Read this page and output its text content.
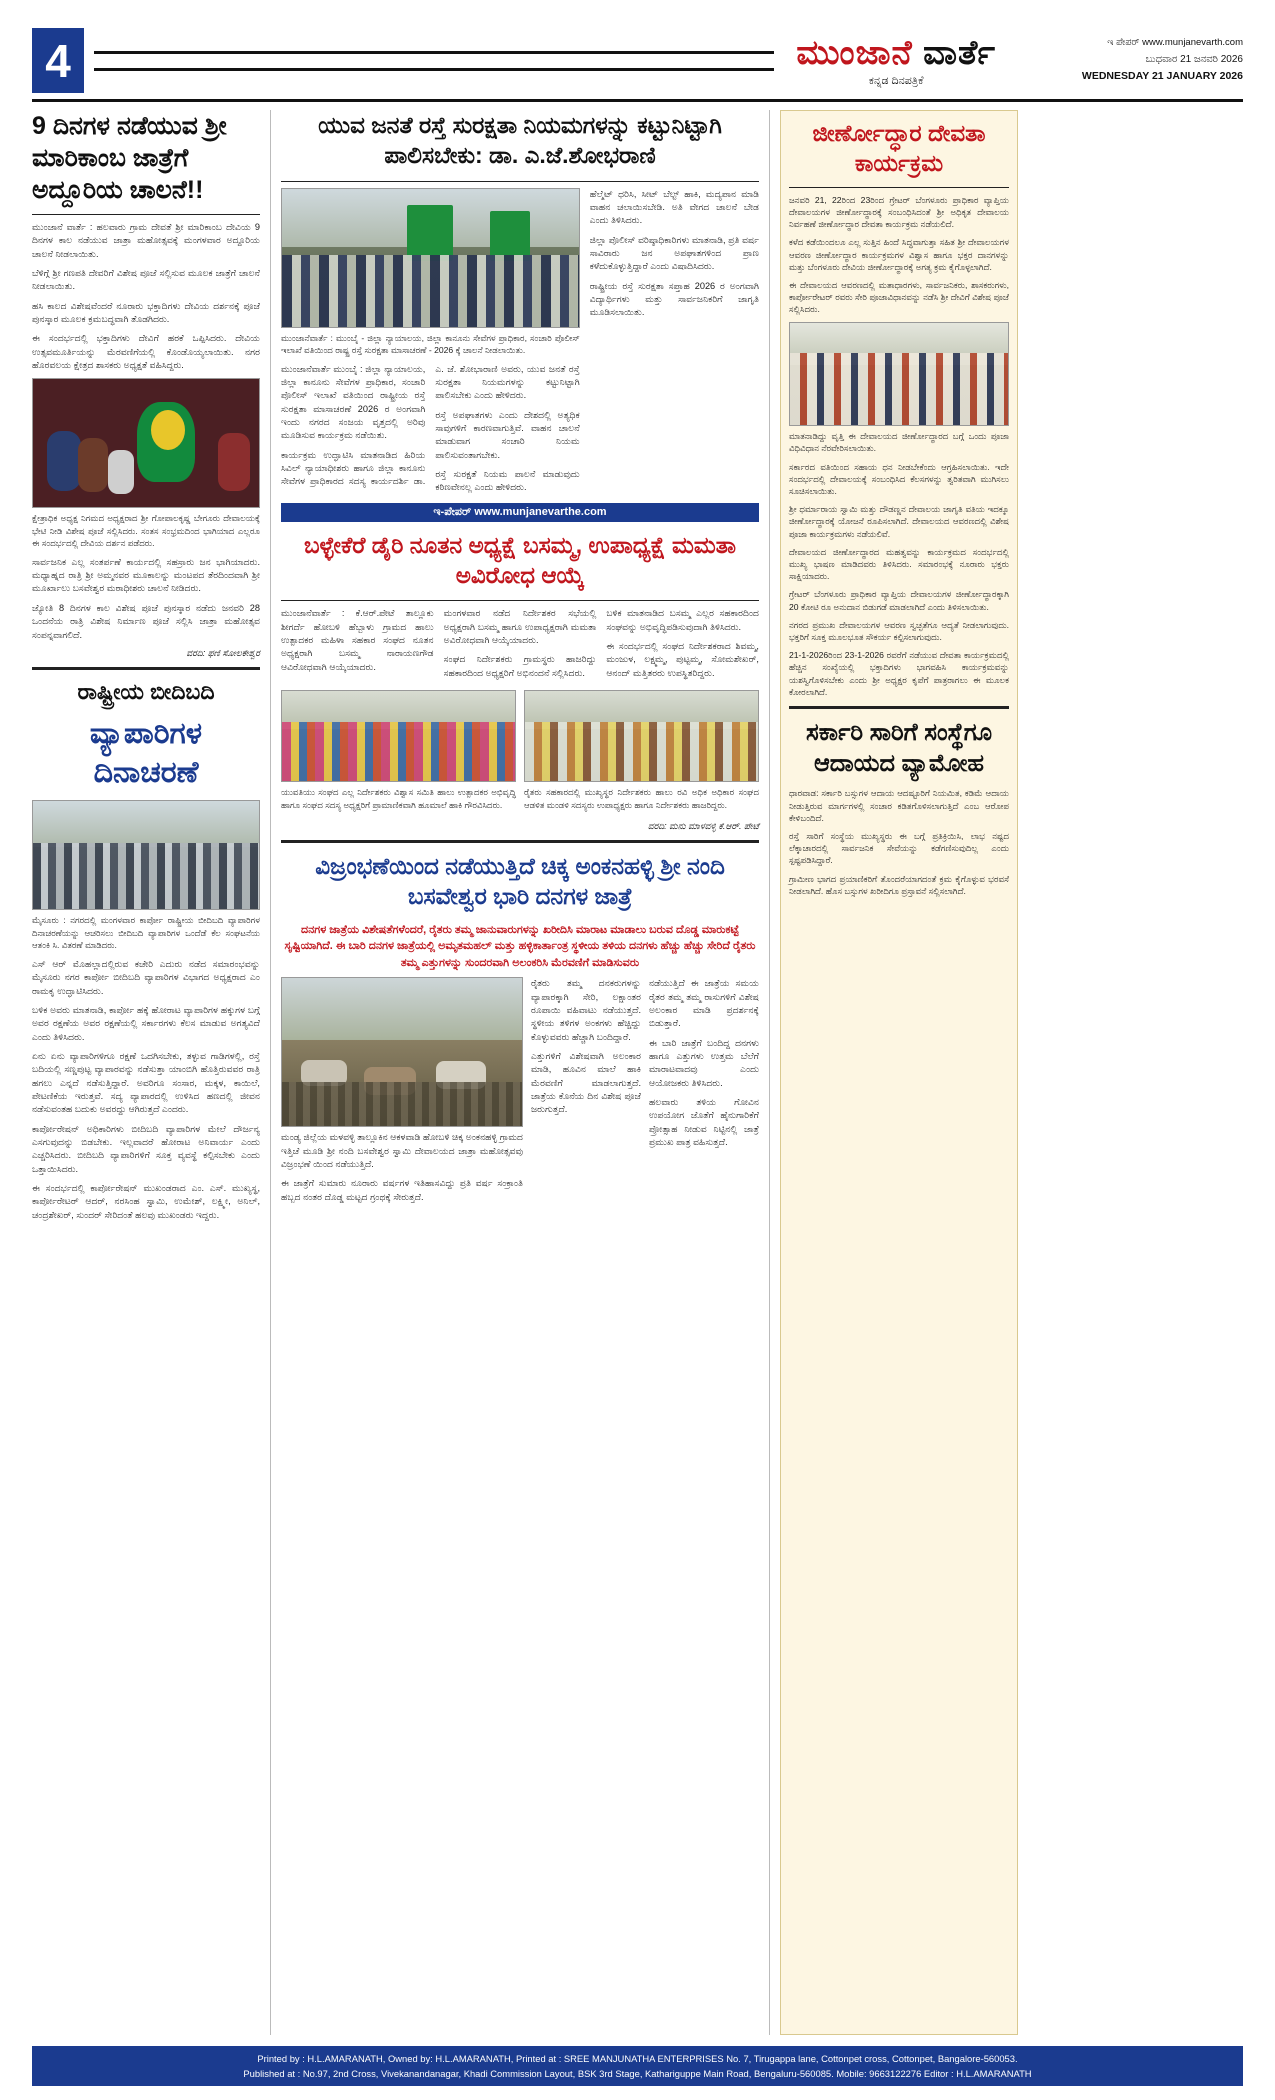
4	ಮುಂಜಾನೆ ವಾರ್ತೆ
ಕನ್ನಡ ದಿನಪತ್ರಿಕೆ
ಇ ಪೇಪರ್ www.munjanevarth.com
ಬುಧವಾರ 21 ಜನವರಿ 2026
WEDNESDAY 21 JANUARY 2026
9 ದಿನಗಳ ನಡೆಯುವ ಶ್ರೀ ಮಾರಿಕಾಂಬ ಜಾತ್ರೆಗೆ ಅದ್ದೂರಿಯ ಚಾಲನೆ!!

ಮುಂಜಾನೆ ವಾರ್ತೆ : ಹಲವಾರು ಗ್ರಾಮ ದೇವತೆ ಶ್ರೀ ಮಾರಿಕಾಂಬ ದೇವಿಯ 9 ದಿನಗಳ ಕಾಲ ನಡೆಯುವ ಜಾತ್ರಾ ಮಹೋತ್ಸವಕ್ಕೆ ಮಂಗಳವಾರ ಅದ್ದೂರಿಯ ಚಾಲನೆ ನೀಡಲಾಯಿತು.

ಬೆಳಿಗ್ಗೆ ಶ್ರೀ ಗಣಪತಿ ದೇವರಿಗೆ ವಿಶೇಷ ಪೂಜೆ ಸಲ್ಲಿಸುವ ಮೂಲಕ ಜಾತ್ರೆಗೆ ಚಾಲನೆ ನೀಡಲಾಯಿತು.

ಹಸಿ ಕಾಲದ ವಿಶೇಷವೆಂದರೆ ನೂರಾರು ಭಕ್ತಾದಿಗಳು ದೇವಿಯ ದರ್ಶನಕ್ಕೆ ಪೂಜೆ ಪುನಸ್ಕಾರ ಮೂಲಕ ಕ್ರಮಬದ್ಧವಾಗಿ ತೊಡಗಿದರು.

ಈ ಸಂದರ್ಭದಲ್ಲಿ ಭಕ್ತಾದಿಗಳು ದೇವಿಗೆ ಹರಕೆ ಒಪ್ಪಿಸಿದರು. ದೇವಿಯ ಉತ್ಸವಮೂರ್ತಿಯನ್ನು ಮೆರವಣಿಗೆಯಲ್ಲಿ ಕೊಂಡೊಯ್ಯಲಾಯಿತು. ನಗರ ಹೊರವಲಯ ಕ್ಷೇತ್ರದ ಶಾಸಕರು ಅಧ್ಯಕ್ಷತೆ ವಹಿಸಿದ್ದರು.

ಕ್ಷೇತ್ರಾಧಿಕ ಅಧ್ಯಕ್ಷ ನಿಗಮದ ಅಧ್ಯಕ್ಷರಾದ ಶ್ರೀ ಗೋಪಾಲಕೃಷ್ಣ ಬೇಗೂರು ದೇವಾಲಯಕ್ಕೆ ಭೇಟಿ ನೀಡಿ ವಿಶೇಷ ಪೂಜೆ ಸಲ್ಲಿಸಿದರು. ಸಂತಸ ಸಂಭ್ರಮದಿಂದ ಭಾಗಿಯಾದ ಎಲ್ಲರೂ ಈ ಸಂದರ್ಭದಲ್ಲಿ ದೇವಿಯ ದರ್ಶನ ಪಡೆದರು.

ಸಾರ್ವಜನಿಕ ಎಲ್ಲ ಸಂತರ್ಪಣೆ ಕಾರ್ಯದಲ್ಲಿ ಸಹಸ್ರಾರು ಜನ ಭಾಗಿಯಾದರು. ಮಧ್ಯಾಹ್ನದ ರಾತ್ರಿ ಶ್ರೀ ಅಮ್ಮನವರ ಮೂಕಾಲನ್ನು ಮಂಟಪದ ತೆರದಿಂದವಾಗಿ ಶ್ರೀ ಮೂರ್ಖಾಲು ಬಸವೇಶ್ವರ ಮಠಾಧೀಶರು ಚಾಲನೆ ನೀಡಿದರು.

ಜ್ಯೋತಿ 8 ದಿನಗಳ ಕಾಲ ವಿಶೇಷ ಪೂಜೆ ಪುನಸ್ಕಾರ ನಡೆದು ಜನವರಿ 28 ಒಂದನೆಯ ರಾತ್ರಿ ವಿಶೇಷ ನಿರ್ಮಾಣ ಪೂಜೆ ಸಲ್ಲಿಸಿ ಜಾತ್ರಾ ಮಹೋತ್ಸವ ಸಂಪನ್ನವಾಗಲಿದೆ.

ವರದಿ: ಫಣಿ ಸೋಲಕೇಶ್ವರ
ರಾಷ್ಟ್ರೀಯ ಬೀದಿಬದಿ
ವ್ಯಾಪಾರಿಗಳ
ದಿನಾಚರಣೆ
ಮೈಸೂರು : ನಗರದಲ್ಲಿ ಮಂಗಳವಾರ ಕಾರ್ಪೋ ರಾಷ್ಟ್ರೀಯ ಬೀದಿಬದಿ ವ್ಯಾಪಾರಿಗಳ ದಿನಾಚರಣೆಯನ್ನು ಆಚರಿಸಲು ಬೀದಿಬದಿ ವ್ಯಾಪಾರಿಗಳ ಒಂದೆಡೆ ಕೆಲ ಸಂಘಟನೆಯ ಆತಂಕಿ ಸಿ. ವಿತರಣೆ ಮಾಡಿದರು.

ಎಸ್ ಆರ್ ಮೊಹಲ್ಲಾದಲ್ಲಿರುವ ಕಚೇರಿ ಎದುರು ನಡೆದ ಸಮಾರಂಭವನ್ನು ಮೈಸೂರು ನಗರ ಕಾರ್ಪೋ ಬೀದಿಬದಿ ವ್ಯಾಪಾರಿಗಳ ವಿಭಾಗದ ಅಧ್ಯಕ್ಷರಾದ ಎಂ ರಾಮಕೃ ಉದ್ಘಾಟಿಸಿದರು.

ಬಳಿಕ ಅವರು ಮಾತನಾಡಿ, ಕಾರ್ಪೋ ಹಕ್ಕೆ ಹೋರಾಟ ವ್ಯಾಪಾರಿಗಳ ಹಕ್ಕುಗಳ ಬಗ್ಗೆ ಅವರ ರಕ್ಷಣೆಯ ಅವರ ರಕ್ಷಣೆಯಲ್ಲಿ ಸರ್ಕಾರಗಳು ಕೆಲಸ ಮಾಡುವ ಅಗತ್ಯವಿದೆ ಎಂದು ತಿಳಿಸಿದರು.

ಏನು ಏನು ವ್ಯಾಪಾರಿಗಳಿಗೂ ರಕ್ಷಣೆ ಒದಗಿಸಬೇಕು, ತಳ್ಳುವ ಗಾಡಿಗಳಲ್ಲಿ, ರಸ್ತೆ ಬದಿಯಲ್ಲಿ ಸಣ್ಣಪುಟ್ಟ ವ್ಯಾಪಾರವನ್ನು ನಡೆಸುತ್ತಾ ಯಾಂಬಿಗಿ ಹೊತ್ತಿರುವವರ ರಾತ್ರಿ ಹಗಲು ಎನ್ನದೆ ನಡೆಸುತ್ತಿದ್ದಾರೆ. ಅವರಿಗೂ ಸಂಸಾರ, ಮಕ್ಕಳ, ಕಾಯಿಲೆ, ಪೇಟಣಿಕೆಯ ಇರುತ್ತವೆ. ಸದ್ಯ ವ್ಯಾಪಾರದಲ್ಲಿ ಉಳಿಸಿದ ಹಣದಲ್ಲಿ ಜೀವನ ನಡೆಸುವಂತಹ ಬದುಕು ಅವರದ್ದು ಆಗಿರುತ್ತದೆ ಎಂದರು.

ಕಾರ್ಪೋರೇಷನ್ ಅಧಿಕಾರಿಗಳು ಬೀದಿಬದಿ ವ್ಯಾಪಾರಿಗಳ ಮೇಲೆ ದೌರ್ಜನ್ಯ ಎಸಗುವುದನ್ನು ಬಿಡಬೇಕು. ಇಲ್ಲವಾದರೆ ಹೋರಾಟ ಅನಿವಾರ್ಯ ಎಂದು ಎಚ್ಚರಿಸಿದರು. ಬೀದಿಬದಿ ವ್ಯಾಪಾರಿಗಳಿಗೆ ಸೂಕ್ತ ವ್ಯವಸ್ಥೆ ಕಲ್ಪಿಸಬೇಕು ಎಂದು ಒತ್ತಾಯಿಸಿದರು.

ಈ ಸಂದರ್ಭದಲ್ಲಿ ಕಾರ್ಪೋರೇಷನ್ ಮುಖಂಡರಾದ ಎಂ. ಎಸ್. ಮುಖ್ಯಸ್ಥ, ಕಾರ್ಪೋರೇಟರ್ ಆದರ್, ನರಸಿಂಹ ಸ್ವಾಮಿ, ಉಮೇಶ್, ಲಕ್ಷ್ಮೀ, ಅನಿಲ್, ಚಂದ್ರಶೇಖರ್, ಸುಂದರ್ ಸೇರಿದಂತೆ ಹಲವು ಮುಖಂಡರು ಇದ್ದರು.

ಯುವ ಜನತೆ ರಸ್ತೆ ಸುರಕ್ಷತಾ ನಿಯಮಗಳನ್ನು ಕಟ್ಟುನಿಟ್ಟಾಗಿ ಪಾಲಿಸಬೇಕು: ಡಾ. ಎ.ಜೆ.ಶೋಭರಾಣಿ
ಮುಂಜಾನೆವಾರ್ತೆ : ಮುಂಬೈ - ಜಿಲ್ಲಾ ನ್ಯಾಯಾಲಯ, ಜಿಲ್ಲಾ ಕಾನೂನು ಸೇವೆಗಳ ಪ್ರಾಧಿಕಾರ, ಸಂಚಾರಿ ಪೊಲೀಸ್ ಇಲಾಖೆ ವತಿಯಿಂದ ರಾಷ್ಟ್ರ ರಸ್ತೆ ಸುರಕ್ಷತಾ ಮಾಸಾಚರಣೆ - 2026 ಕ್ಕೆ ಚಾಲನೆ ನೀಡಲಾಯಿತು.

ಮುಂಜಾನೆವಾರ್ತೆ ಮುಂಬೈ : ಜಿಲ್ಲಾ ನ್ಯಾಯಾಲಯ, ಜಿಲ್ಲಾ ಕಾನೂನು ಸೇವೆಗಳ ಪ್ರಾಧಿಕಾರ, ಸಂಚಾರಿ ಪೊಲೀಸ್ ಇಲಾಖೆ ವತಿಯಿಂದ ರಾಷ್ಟ್ರೀಯ ರಸ್ತೆ ಸುರಕ್ಷತಾ ಮಾಸಾಚರಣೆ 2026 ರ ಅಂಗವಾಗಿ ಇಂದು ನಗರದ ಸಂಜಯ ವೃತ್ತದಲ್ಲಿ ಅರಿವು ಮೂಡಿಸುವ ಕಾರ್ಯಕ್ರಮ ನಡೆಯಿತು.

ಕಾರ್ಯಕ್ರಮ ಉದ್ಘಾಟಿಸಿ ಮಾತನಾಡಿದ ಹಿರಿಯ ಸಿವಿಲ್ ನ್ಯಾಯಾಧೀಶರು ಹಾಗೂ ಜಿಲ್ಲಾ ಕಾನೂನು ಸೇವೆಗಳ ಪ್ರಾಧಿಕಾರದ ಸದಸ್ಯ ಕಾರ್ಯದರ್ಶಿ ಡಾ. ಎ. ಜೆ. ಶೋಭಾರಾಣಿ ಅವರು, ಯುವ ಜನತೆ ರಸ್ತೆ ಸುರಕ್ಷತಾ ನಿಯಮಗಳನ್ನು ಕಟ್ಟುನಿಟ್ಟಾಗಿ ಪಾಲಿಸಬೇಕು ಎಂದು ಹೇಳಿದರು.

ರಸ್ತೆ ಅಪಘಾತಗಳು ಎಂದು ದೇಶದಲ್ಲಿ ಅತ್ಯಧಿಕ ಸಾವುಗಳಿಗೆ ಕಾರಣವಾಗುತ್ತಿವೆ. ವಾಹನ ಚಾಲನೆ ಮಾಡುವಾಗ ಸಂಚಾರಿ ನಿಯಮ ಪಾಲಿಸುವಂತಾಗಬೇಕು.

ರಸ್ತೆ ಸುರಕ್ಷತೆ ನಿಯಮ ಪಾಲನೆ ಮಾಡುವುದು ಕಠಿಣವೇನಲ್ಲ ಎಂದು ಹೇಳಿದರು.

ಹೆಲ್ಮೆಟ್ ಧರಿಸಿ, ಸೀಟ್ ಬೆಲ್ಟ್ ಹಾಕಿ, ಮದ್ಯಪಾನ ಮಾಡಿ ವಾಹನ ಚಲಾಯಿಸಬೇಡಿ. ಅತಿ ವೇಗದ ಚಾಲನೆ ಬೇಡ ಎಂದು ತಿಳಿಸಿದರು.

ಜಿಲ್ಲಾ ಪೊಲೀಸ್ ವರಿಷ್ಠಾಧಿಕಾರಿಗಳು ಮಾತನಾಡಿ, ಪ್ರತಿ ವರ್ಷ ಸಾವಿರಾರು ಜನ ಅಪಘಾತಗಳಿಂದ ಪ್ರಾಣ ಕಳೆದುಕೊಳ್ಳುತ್ತಿದ್ದಾರೆ ಎಂದು ವಿಷಾದಿಸಿದರು.

ರಾಷ್ಟ್ರೀಯ ರಸ್ತೆ ಸುರಕ್ಷತಾ ಸಪ್ತಾಹ 2026 ರ ಅಂಗವಾಗಿ ವಿದ್ಯಾರ್ಥಿಗಳು ಮತ್ತು ಸಾರ್ವಜನಿಕರಿಗೆ ಜಾಗೃತಿ ಮೂಡಿಸಲಾಯಿತು.

ಇ-ಪೇಪರ್ www.munjanevarthe.com
ಬಳ್ಳೇಕೆರೆ ಡೈರಿ ನೂತನ ಅಧ್ಯಕ್ಷೆ ಬಸಮ್ಮ, ಉಪಾಧ್ಯಕ್ಷೆ ಮಮತಾ ಅವಿರೋಧ ಆಯ್ಕೆ

ಮುಂಜಾನೆವಾರ್ತೆ : ಕೆ.ಆರ್.ಪೇಟೆ ತಾಲ್ಲೂಕು ಶೀಗರ್ದೆ ಹೋಬಳಿ ಹೆಬ್ಬಾಳು ಗ್ರಾಮದ ಹಾಲು ಉತ್ಪಾದಕರ ಮಹಿಳಾ ಸಹಕಾರ ಸಂಘದ ನೂತನ ಅಧ್ಯಕ್ಷರಾಗಿ ಬಸಮ್ಮ ನಾರಾಯಣಗೌಡ ಆವಿರೋಧವಾಗಿ ಆಯ್ಕೆಯಾದರು.

ಮಂಗಳವಾರ ನಡೆದ ನಿರ್ದೇಶಕರ ಸಭೆಯಲ್ಲಿ ಅಧ್ಯಕ್ಷರಾಗಿ ಬಸಮ್ಮ ಹಾಗೂ ಉಪಾಧ್ಯಕ್ಷರಾಗಿ ಮಮತಾ ಅವಿರೋಧವಾಗಿ ಆಯ್ಕೆಯಾದರು.

ಸಂಘದ ನಿರ್ದೇಶಕರು ಗ್ರಾಮಸ್ಥರು ಹಾಜರಿದ್ದು ಸಹಕಾರದಿಂದ ಅಧ್ಯಕ್ಷರಿಗೆ ಅಭಿನಂದನೆ ಸಲ್ಲಿಸಿದರು.

ಬಳಿಕ ಮಾತನಾಡಿದ ಬಸಮ್ಮ ಎಲ್ಲರ ಸಹಕಾರದಿಂದ ಸಂಘವನ್ನು ಅಭಿವೃದ್ಧಿಪಡಿಸುವುದಾಗಿ ತಿಳಿಸಿದರು.

ಈ ಸಂದರ್ಭದಲ್ಲಿ ಸಂಘದ ನಿರ್ದೇಶಕರಾದ ಶಿವಮ್ಮ, ಮಂಜುಳ, ಲಕ್ಷ್ಮಮ್ಮ, ಪುಟ್ಟಮ್ಮ, ಸೋಮಶೇಖರ್, ಆನಂದ್ ಮತ್ತಿತರರು ಉಪಸ್ಥಿತರಿದ್ದರು.

ಯುವತಿಯು ಸಂಘದ ಎಲ್ಲ ನಿರ್ದೇಶಕರು ವಿಶ್ವಾಸ ಸಮಿತಿ ಹಾಲು ಉತ್ಪಾದಕರ ಅಭಿವೃದ್ಧಿ ಹಾಗೂ ಸಂಘದ ಸದಸ್ಯ ಅಧ್ಯಕ್ಷರಿಗೆ ಪ್ರಾಮಾಣಿಕವಾಗಿ ಹೂಮಾಲೆ ಹಾಕಿ ಗೌರವಿಸಿದರು.
ರೈತರು ಸಹಕಾರದಲ್ಲಿ ಮುಖ್ಯಸ್ಥರ ನಿರ್ದೇಶಕರು ಹಾಲು ರವಿ ಅಧಿಕ ಅಧಿಕಾರ ಸಂಘದ ಆಡಳಿತ ಮಂಡಳಿ ಸದಸ್ಯರು ಉಪಾಧ್ಯಕ್ಷರು ಹಾಗೂ ನಿರ್ದೇಶಕರು ಹಾಜರಿದ್ದರು.
ವರದಿ: ಮನು ಮಾಳವಳ್ಳಿ ಕೆ.ಆರ್. ಪೇಟೆ
ವಿಜ್ರಂಭಣೆಯಿಂದ ನಡೆಯುತ್ತಿದೆ ಚಿಕ್ಕ ಅಂಕನಹಳ್ಳಿ ಶ್ರೀ ನಂದಿ ಬಸವೇಶ್ವರ ಭಾರಿ ದನಗಳ ಜಾತ್ರೆ

ದನಗಳ ಜಾತ್ರೆಯ ವಿಶೇಷತೆಗಳೆಂದರೆ, ರೈತರು ತಮ್ಮ ಜಾನುವಾರುಗಳನ್ನು ಖರೀದಿಸಿ ಮಾರಾಟ ಮಾಡಾಲು ಬರುವ ದೊಡ್ಡ ಮಾರುಕಟ್ಟೆ ಸೃಷ್ಟಿಯಾಗಿದೆ. ಈ ಬಾರಿ ದನಗಳ ಜಾತ್ರೆಯಲ್ಲಿ ಅಮೃತಮಹಲ್ ಮತ್ತು ಹಳ್ಳಿಕಾರ್ತಾಂತ್ರ ಸ್ಥಳೀಯ ತಳಿಯ ದನಗಳು ಹೆಚ್ಚು ಹೆಚ್ಚು ಸೇರಿದೆ ರೈತರು ತಮ್ಮ ಎತ್ತುಗಳನ್ನು ಸುಂದರವಾಗಿ ಅಲಂಕರಿಸಿ ಮೆರವಣಿಗೆ ಮಾಡಿಸುವರು

ಮಂಡ್ಯ ಜಿಲ್ಲೆಯ ಮಳವಳ್ಳಿ ತಾಲ್ಲೂಕಿನ ಆಕಳವಾಡಿ ಹೋಬಳಿ ಚಿಕ್ಕ ಅಂಕನಹಳ್ಳಿ ಗ್ರಾಮದ ಇತ್ತಿಚೆ ಮೂಡಿ ಶ್ರೀ ನಂದಿ ಬಸವೇಶ್ವರ ಸ್ವಾಮಿ ದೇವಾಲಯದ ಜಾತ್ರಾ ಮಹೋತ್ಸವವು ವಿಜ್ರಂಭಣೆ ಯಿಂದ ನಡೆಯುತ್ತಿದೆ.

ಈ ಜಾತ್ರೆಗೆ ಸುಮಾರು ನೂರಾರು ವರ್ಷಗಳ ಇತಿಹಾಸವಿದ್ದು ಪ್ರತಿ ವರ್ಷ ಸಂಕ್ರಾಂತಿ ಹಬ್ಬದ ನಂತರ ದೊಡ್ಡ ಮಟ್ಟದ ಗ್ರಂಥಕ್ಕೆ ಸೇರುತ್ತದೆ.

ರೈತರು ತಮ್ಮ ದನಕರುಗಳನ್ನು ವ್ಯಾಪಾರಕ್ಕಾಗಿ ಸೇರಿ, ಲಕ್ಷಾಂತರ ರೂಪಾಯಿ ವಹಿವಾಟು ನಡೆಯುತ್ತದೆ. ಸ್ಥಳೀಯ ತಳಿಗಳ ಅಂಕಗಳು ಹೆಚ್ಚಿದ್ದು ಕೊಳ್ಳುವವರು ಹೆಚ್ಚಾಗಿ ಬಂದಿದ್ದಾರೆ.

ಎತ್ತುಗಳಿಗೆ ವಿಶೇಷವಾಗಿ ಅಲಂಕಾರ ಮಾಡಿ, ಹೂವಿನ ಮಾಲೆ ಹಾಕಿ ಮೆರವಣಿಗೆ ಮಾಡಲಾಗುತ್ತದೆ. ಜಾತ್ರೆಯ ಕೊನೆಯ ದಿನ ವಿಶೇಷ ಪೂಜೆ ಜರುಗುತ್ತದೆ.

ನಡೆಯುತ್ತಿದೆ ಈ ಜಾತ್ರೆಯ ಸಮಯ ರೈತರ ತಮ್ಮ ತಮ್ಮ ರಾಸುಗಳಿಗೆ ವಿಶೇಷ ಅಲಂಕಾರ ಮಾಡಿ ಪ್ರದರ್ಶನಕ್ಕೆ ಬಿಡುತ್ತಾರೆ.

ಈ ಬಾರಿ ಜಾತ್ರೆಗೆ ಬಂದಿದ್ದ ದನಗಳು ಹಾಗೂ ಎತ್ತುಗಳು ಉತ್ತಮ ಬೆಲೆಗೆ ಮಾರಾಟವಾದವು ಎಂದು ಆಯೋಜಕರು ತಿಳಿಸಿದರು.

ಹಲವಾರು ತಳಿಯ ಗೋವಿನ ಉಪಯೋಗ ಜೊತೆಗೆ ಹೈನುಗಾರಿಕೆಗೆ ಪ್ರೋತ್ಸಾಹ ನೀಡುವ ನಿಟ್ಟಿನಲ್ಲಿ ಜಾತ್ರೆ ಪ್ರಮುಖ ಪಾತ್ರ ವಹಿಸುತ್ತದೆ.

ಜೀರ್ಣೋದ್ಧಾರ ದೇವತಾ ಕಾರ್ಯಕ್ರಮ

ಜನವರಿ 21, 22ರಿಂದ 23ರಿಂದ ಗ್ರೇಟರ್ ಬೆಂಗಳೂರು ಪ್ರಾಧಿಕಾರ ವ್ಯಾಪ್ತಿಯ ದೇವಾಲಯಗಳ ಜೀರ್ಣೋದ್ಧಾರಕ್ಕೆ ಸಂಬಂಧಿಸಿದಂತೆ ಶ್ರೀ ಅಧಿಕೃತ ದೇವಾಲಯ ನಿರ್ವಹಣೆ ಜೀರ್ಣೋದ್ಧಾರ ದೇವತಾ ಕಾರ್ಯಕ್ರಮ ನಡೆಯಲಿದೆ.

ಕಳೆದ ಕಡೆಯಿಂದಲೂ ಎಲ್ಲ ಸುತ್ತಿನ ಹಿಂದೆ ಸಿದ್ಧವಾಗುತ್ತಾ ಸಹಿತ ಶ್ರೀ ದೇವಾಲಯಗಳ ಆವರಣ ಜೀರ್ಣೋದ್ಧಾರ ಕಾರ್ಯಕ್ರಮಗಳ ವಿಶ್ವಾಸ ಹಾಗೂ ಭಕ್ತರ ದಾನಗಳನ್ನು ಮತ್ತು ಬೆಂಗಳೂರು ದೇವಿಯ ಜೀರ್ಣೋದ್ಧಾರಕ್ಕೆ ಅಗತ್ಯ ಕ್ರಮ ಕೈಗೊಳ್ಳಲಾಗಿದೆ.

ಈ ದೇವಾಲಯದ ಆವರಣದಲ್ಲಿ ಮತಾಧಾರಗಳು, ಸಾರ್ವಜನಿಕರು, ಶಾಸಕರುಗಳು, ಕಾರ್ಪೋರೇಟರ್ ರವರು ಸೇರಿ ಪೂಜಾವಿಧಾನವನ್ನು ನಡೆಸಿ ಶ್ರೀ ದೇವಿಗೆ ವಿಶೇಷ ಪೂಜೆ ಸಲ್ಲಿಸಿದರು.

ಮಾತನಾಡಿದ್ದು ವೃತ್ತಿ ಈ ದೇವಾಲಯದ ಜೀರ್ಣೋದ್ಧಾರದ ಬಗ್ಗೆ ಒಂದು ಪೂಜಾ ವಿಧಿವಿಧಾನ ನೆರವೇರಿಸಲಾಯಿತು.

ಸರ್ಕಾರದ ವತಿಯಿಂದ ಸಹಾಯ ಧನ ನೀಡಬೇಕೆಂದು ಆಗ್ರಹಿಸಲಾಯಿತು. ಇದೇ ಸಂದರ್ಭದಲ್ಲಿ ದೇವಾಲಯಕ್ಕೆ ಸಂಬಂಧಿಸಿದ ಕೆಲಸಗಳನ್ನು ತ್ವರಿತವಾಗಿ ಮುಗಿಸಲು ಸೂಚಿಸಲಾಯಿತು.

ಶ್ರೀ ಧರ್ಮಾರಾಯ ಸ್ವಾಮಿ ಮತ್ತು ದೌಡಣ್ಣನ ದೇವಾಲಯ ಜಾಗೃತಿ ವತಿಯ ಇದಕ್ಕೂ ಜೀರ್ಣೋದ್ಧಾರಕ್ಕೆ ಯೋಜನೆ ರೂಪಿಸಲಾಗಿದೆ. ದೇವಾಲಯದ ಆವರಣದಲ್ಲಿ ವಿಶೇಷ ಪೂಜಾ ಕಾರ್ಯಕ್ರಮಗಳು ನಡೆಯಲಿವೆ.

ದೇವಾಲಯದ ಜೀರ್ಣೋದ್ಧಾರದ ಮಹತ್ವವನ್ನು ಕಾರ್ಯಕ್ರಮದ ಸಂದರ್ಭದಲ್ಲಿ ಮುಖ್ಯ ಭಾಷಣ ಮಾಡಿದವರು ತಿಳಿಸಿದರು. ಸಮಾರಂಭಕ್ಕೆ ನೂರಾರು ಭಕ್ತರು ಸಾಕ್ಷಿಯಾದರು.

ಗ್ರೇಟರ್ ಬೆಂಗಳೂರು ಪ್ರಾಧಿಕಾರ ವ್ಯಾಪ್ತಿಯ ದೇವಾಲಯಗಳ ಜೀರ್ಣೋದ್ಧಾರಕ್ಕಾಗಿ 20 ಕೋಟಿ ರೂ ಅನುದಾನ ಬಿಡುಗಡೆ ಮಾಡಲಾಗಿದೆ ಎಂದು ತಿಳಿಸಲಾಯಿತು.

ನಗರದ ಪ್ರಮುಖ ದೇವಾಲಯಗಳ ಆವರಣ ಸ್ವಚ್ಛತೆಗೂ ಆದ್ಯತೆ ನೀಡಲಾಗುವುದು. ಭಕ್ತರಿಗೆ ಸೂಕ್ತ ಮೂಲಭೂತ ಸೌಕರ್ಯ ಕಲ್ಪಿಸಲಾಗುವುದು.

21-1-2026ರಿಂದ 23-1-2026 ರವರೆಗೆ ನಡೆಯುವ ದೇವತಾ ಕಾರ್ಯಕ್ರಮದಲ್ಲಿ ಹೆಚ್ಚಿನ ಸಂಖ್ಯೆಯಲ್ಲಿ ಭಕ್ತಾದಿಗಳು ಭಾಗವಹಿಸಿ ಕಾರ್ಯಕ್ರಮವನ್ನು ಯಶಸ್ವಿಗೊಳಿಸಬೇಕು ಎಂದು ಶ್ರೀ ಅಧ್ಯಕ್ಷರ ಕೃಪೆಗೆ ಪಾತ್ರರಾಗಲು ಈ ಮೂಲಕ ಕೋರಲಾಗಿದೆ.

ಸರ್ಕಾರಿ ಸಾರಿಗೆ ಸಂಸ್ಥೆಗೂ ಆದಾಯದ ವ್ಯಾಮೋಹ

ಧಾರವಾಡ: ಸರ್ಕಾರಿ ಬಸ್ಸುಗಳ ಆದಾಯ ಆದಷ್ಟೂರಿಗೆ ನಿಯಮಿತ, ಕಡಿಮೆ ಆದಾಯ ನೀಡುತ್ತಿರುವ ಮಾರ್ಗಗಳಲ್ಲಿ ಸಂಚಾರ ಕಡಿತಗೊಳಿಸಲಾಗುತ್ತಿದೆ ಎಂಬ ಆರೋಪ ಕೇಳಿಬಂದಿದೆ.

ರಸ್ತೆ ಸಾರಿಗೆ ಸಂಸ್ಥೆಯ ಮುಖ್ಯಸ್ಥರು ಈ ಬಗ್ಗೆ ಪ್ರತಿಕ್ರಿಯಿಸಿ, ಲಾಭ ನಷ್ಟದ ಲೆಕ್ಕಾಚಾರದಲ್ಲಿ ಸಾರ್ವಜನಿಕ ಸೇವೆಯನ್ನು ಕಡೆಗಣಿಸುವುದಿಲ್ಲ ಎಂದು ಸ್ಪಷ್ಟಪಡಿಸಿದ್ದಾರೆ.

ಗ್ರಾಮೀಣ ಭಾಗದ ಪ್ರಯಾಣಿಕರಿಗೆ ತೊಂದರೆಯಾಗದಂತೆ ಕ್ರಮ ಕೈಗೊಳ್ಳುವ ಭರವಸೆ ನೀಡಲಾಗಿದೆ. ಹೊಸ ಬಸ್ಸುಗಳ ಖರೀದಿಗೂ ಪ್ರಸ್ತಾವನೆ ಸಲ್ಲಿಸಲಾಗಿದೆ.

Printed by : H.L.AMARANATH, Owned by: H.L.AMARANATH, Printed at : SREE MANJUNATHA ENTERPRISES No. 7, Tirugappa lane, Cottonpet cross, Cottonpet, Bangalore-560053.
Published at : No.97, 2nd Cross, Vivekanandanagar, Khadi Commission Layout, BSK 3rd Stage, Kathariguppe Main Road, Bengaluru-560085. Mobile: 9663122276 Editor : H.L.AMARANATH
